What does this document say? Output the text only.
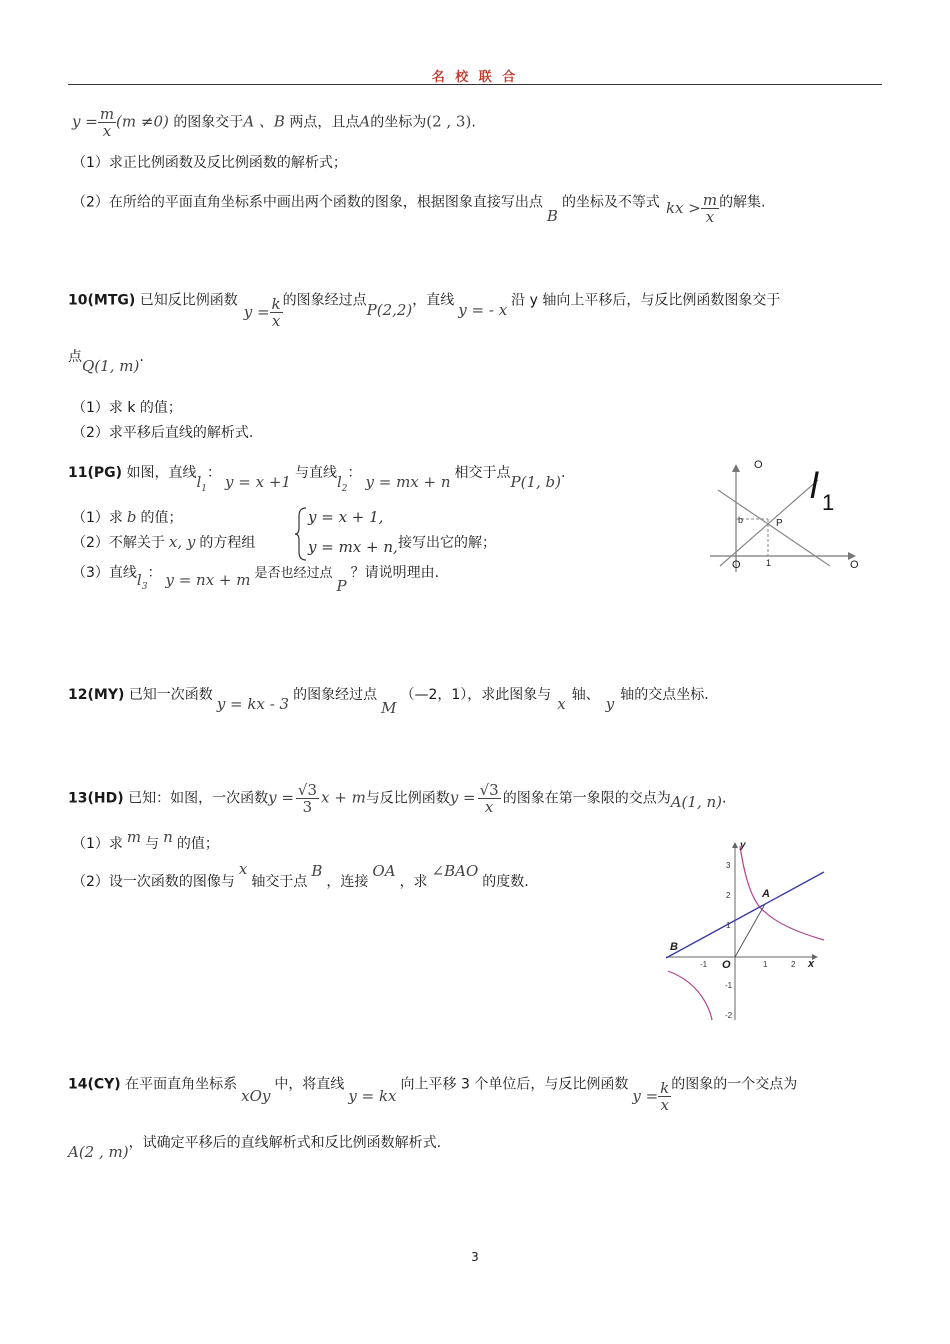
名 校 联 合
$y = \frac{m}{x} (m \ne 0)$ 的图象交于A 、B 两点，且点A的坐标为(2 , 3).
（1）求正比例函数及反比例函数的解析式；
（2）在所给的平面直角坐标系中画出两个函数的图象，根据图象直接写出点B的坐标及不等式 kx > $\frac{m}{x}$ 的解集.
10(MTG) 已知反比例函数$y = \frac{k}{x}$ 的图象经过点P(2,2)，直线 y = - x 沿 y 轴向上平移后，与反比例函数图象交于
点Q(1, m).
（1）求 k 的值；
（2）求平移后直线的解析式.
11(PG) 如图，直线$l_1$： y = x +1 与直线$l_2$： y = mx + n 相交于点P(1, b).
（1）求 b 的值；
（2）不解关于 x, y 的方程组
y = x + 1,
y = mx + n, 接写出它的解；
（3）直线$l_3$： y = nx + m 是否也经过点P？请说明理由.
O l 1
b	P
1
O	O
12(MY) 已知一次函数 y = kx - 3 的图象经过点M（—2，1），求此图象与 x 轴、 y 轴的交点坐标.
13(HD) 已知：如图，一次函数$y = \frac{√3}{3}$ x + m与反比例函数$y = \frac{√3}{x}$ 的图象在第一象限的交点为A(1, n).
（1）求 m 与 n 的值；
（2）设一次函数的图像与x轴交于点B，连接OA，求∠BAO的度数.
y
x
O
A
B
3
2
1
-1
-2
-1	1	2
14(CY) 在平面直角坐标系xOy中，将直线y = kx向上平移 3 个单位后，与反比例函数$y = \frac{k}{x}$ 的图象的一个交点为
A(2 , m)，试确定平移后的直线解析式和反比例函数解析式.
3
